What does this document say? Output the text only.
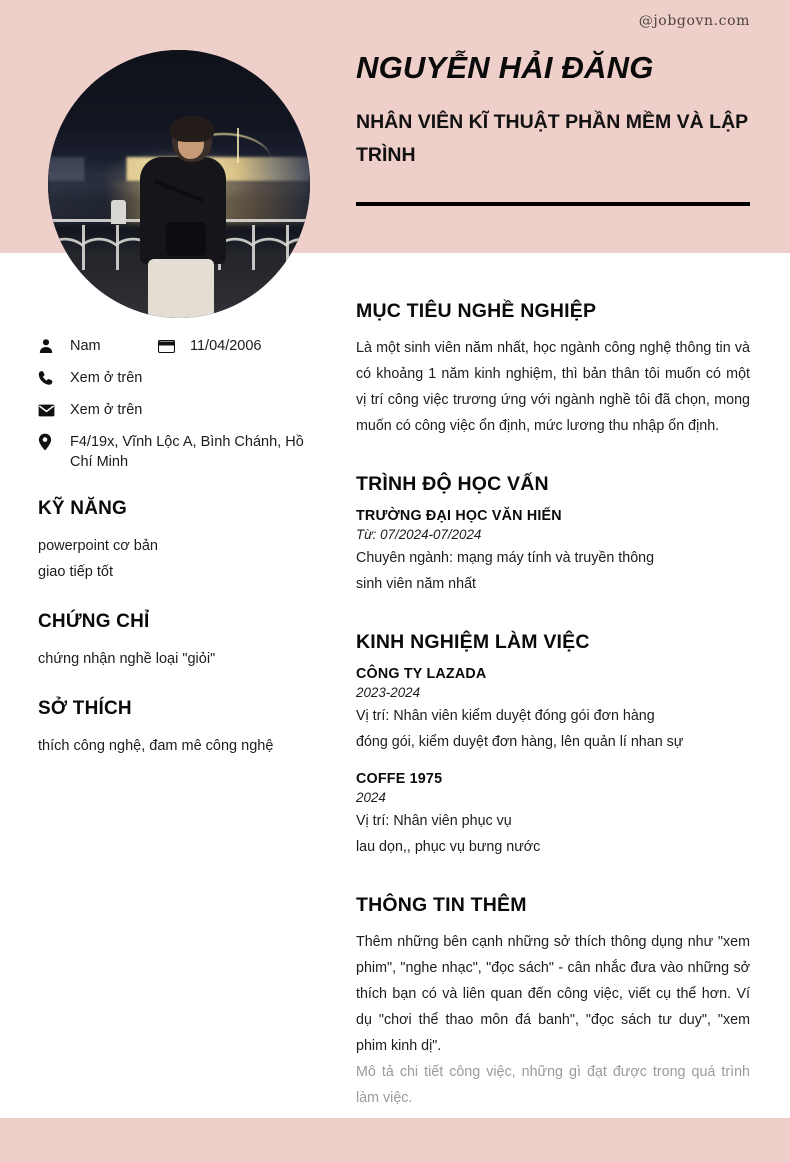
NGUYỄN HẢI ĐĂNG
NHÂN VIÊN KĨ THUẬT PHẦN MỀM VÀ LẬP TRÌNH
Nam	11/04/2006
Xem ở trên
Xem ở trên
F4/19x, Vĩnh Lộc A, Bình Chánh, Hồ Chí Minh
KỸ NĂNG
powerpoint cơ bản
giao tiếp tốt
CHỨNG CHỈ
chứng nhận nghề loại "giỏi"
SỞ THÍCH
thích công nghệ, đam mê công nghệ
MỤC TIÊU NGHỀ NGHIỆP
Là một sinh viên năm nhất, học ngành công nghệ thông tin và có khoảng 1 năm kinh nghiệm, thì bản thân tôi muốn có một vị trí công việc trương ứng với ngành nghề tôi đã chọn, mong muốn có công việc ổn định, mức lương thu nhập ổn định.
TRÌNH ĐỘ HỌC VẤN
TRƯỜNG ĐẠI HỌC VĂN HIẾN
Từ: 07/2024-07/2024
Chuyên ngành: mạng máy tính và truyền thông
sinh viên năm nhất
KINH NGHIỆM LÀM VIỆC
CÔNG TY LAZADA
2023-2024
Vị trí: Nhân viên kiểm duyệt đóng gói đơn hàng
đóng gói, kiểm duyệt đơn hàng, lên quản lí nhan sự
COFFE 1975
2024
Vị trí: Nhân viên phục vụ
lau dọn,, phục vụ bưng nước
THÔNG TIN THÊM
Thêm những bên cạnh những sở thích thông dụng như "xem phim", "nghe nhạc", "đọc sách" - cân nhắc đưa vào những sở thích bạn có và liên quan đến công việc, viết cụ thể hơn. Ví dụ "chơi thể thao môn đá banh", "đọc sách tư duy", "xem phim kinh dị".
Mô tả chi tiết công việc, những gì đạt được trong quá trình làm việc.
@jobgovn.com
